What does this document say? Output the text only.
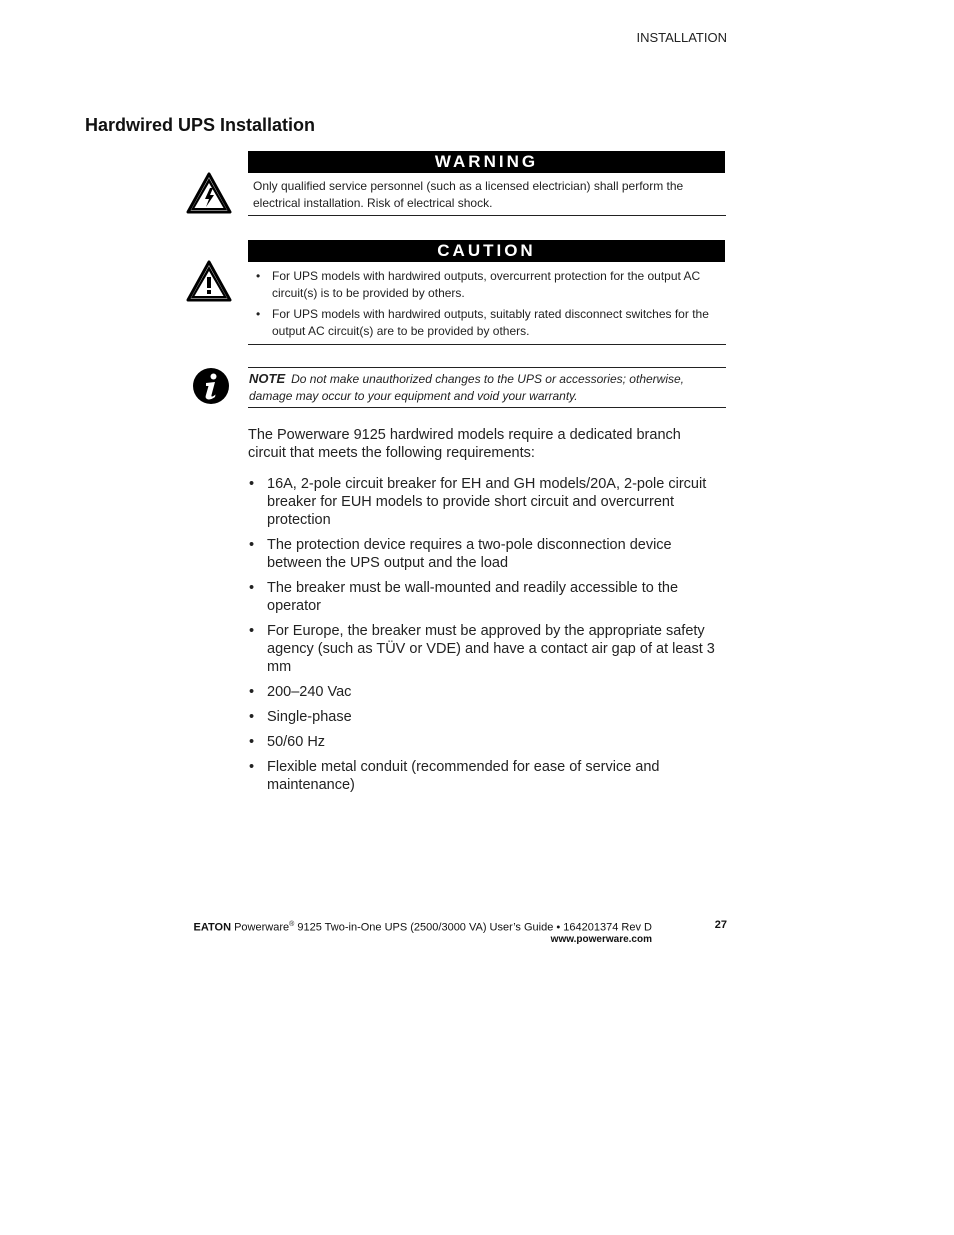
INSTALLATION
Hardwired UPS Installation
WARNING
Only qualified service personnel (such as a licensed electrician) shall perform the electrical installation. Risk of electrical shock.
CAUTION
• For UPS models with hardwired outputs, overcurrent protection for the output AC circuit(s) is to be provided by others.
• For UPS models with hardwired outputs, suitably rated disconnect switches for the output AC circuit(s) are to be provided by others.
NOTE Do not make unauthorized changes to the UPS or accessories; otherwise, damage may occur to your equipment and void your warranty.
The Powerware 9125 hardwired models require a dedicated branch circuit that meets the following requirements:
• 16A, 2-pole circuit breaker for EH and GH models/20A, 2-pole circuit breaker for EUH models to provide short circuit and overcurrent protection
• The protection device requires a two-pole disconnection device between the UPS output and the load
• The breaker must be wall-mounted and readily accessible to the operator
• For Europe, the breaker must be approved by the appropriate safety agency (such as TÜV or VDE) and have a contact air gap of at least 3 mm
• 200–240 Vac
• Single-phase
• 50/60 Hz
• Flexible metal conduit (recommended for ease of service and maintenance)
EATON Powerware® 9125 Two-in-One UPS (2500/3000 VA) User’s Guide • 164201374 Rev D
www.powerware.com
27
